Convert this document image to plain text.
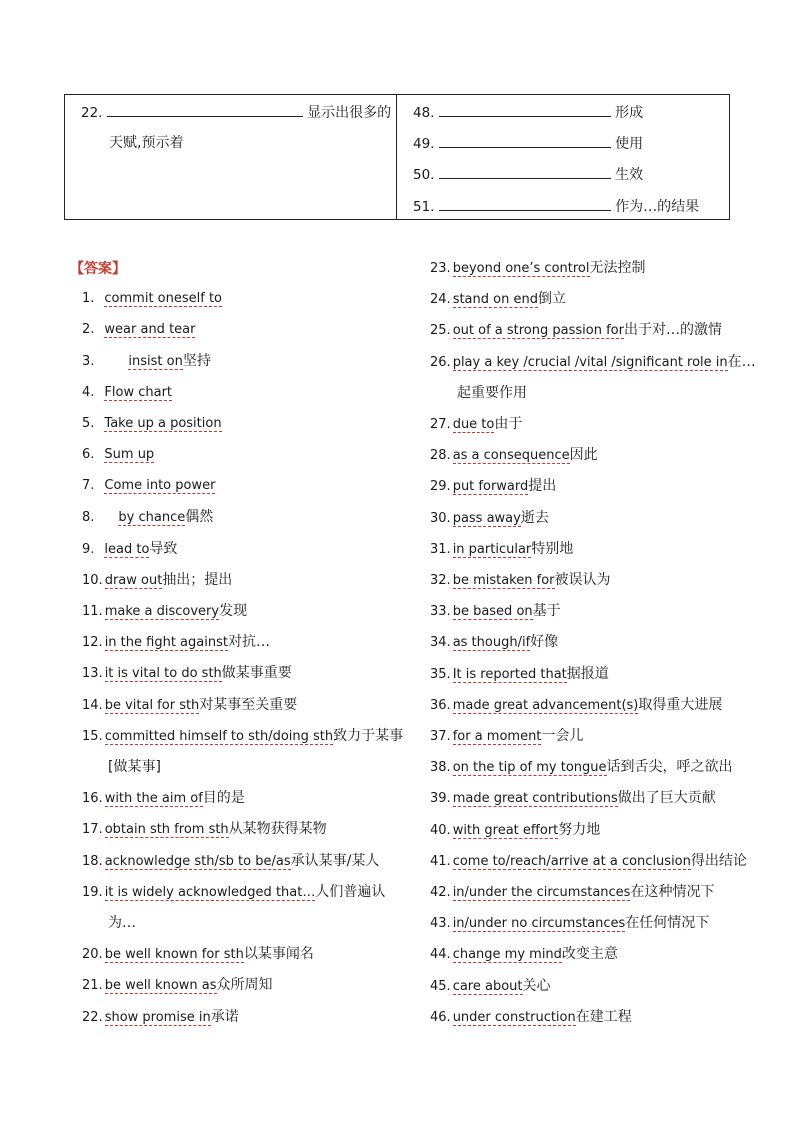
22.	显示出很多的
天赋,预示着
48.	形成
49.	使用
50.	生效
51.	作为…的结果
【答案】
1. commit oneself to
2. wear and tear
3.	insist on坚持
4. Flow chart
5. Take up a position
6. Sum up
7. Come into power
8. by chance偶然
9. lead to导致
10. draw out抽出；提出
11. make a discovery发现
12. in the fight against对抗…
13. it is vital to do sth做某事重要
14. be vital for sth对某事至关重要
15. committed himself to sth/doing sth致力于某事
[做某事]
16. with the aim of目的是
17. obtain sth from sth从某物获得某物
18. acknowledge sth/sb to be/as承认某事/某人
19. it is widely acknowledged that…人们普遍认
为…
20. be well known for sth以某事闻名
21. be well known as众所周知
22. show promise in承诺
23. beyond one’s control无法控制
24. stand on end倒立
25. out of a strong passion for出于对…的激情
26. play a key /crucial /vital /significant role in在…
起重要作用
27. due to由于
28. as a consequence因此
29. put forward提出
30. pass away逝去
31. in particular特别地
32. be mistaken for被误认为
33. be based on基于
34. as though/if好像
35. It is reported that据报道
36. made great advancement(s)取得重大进展
37. for a moment一会儿
38. on the tip of my tongue话到舌尖，呼之欲出
39. made great contributions做出了巨大贡献
40. with great effort努力地
41. come to/reach/arrive at a conclusion得出结论
42. in/under the circumstances在这种情况下
43. in/under no circumstances在任何情况下
44. change my mind改变主意
45. care about关心
46. under construction在建工程
